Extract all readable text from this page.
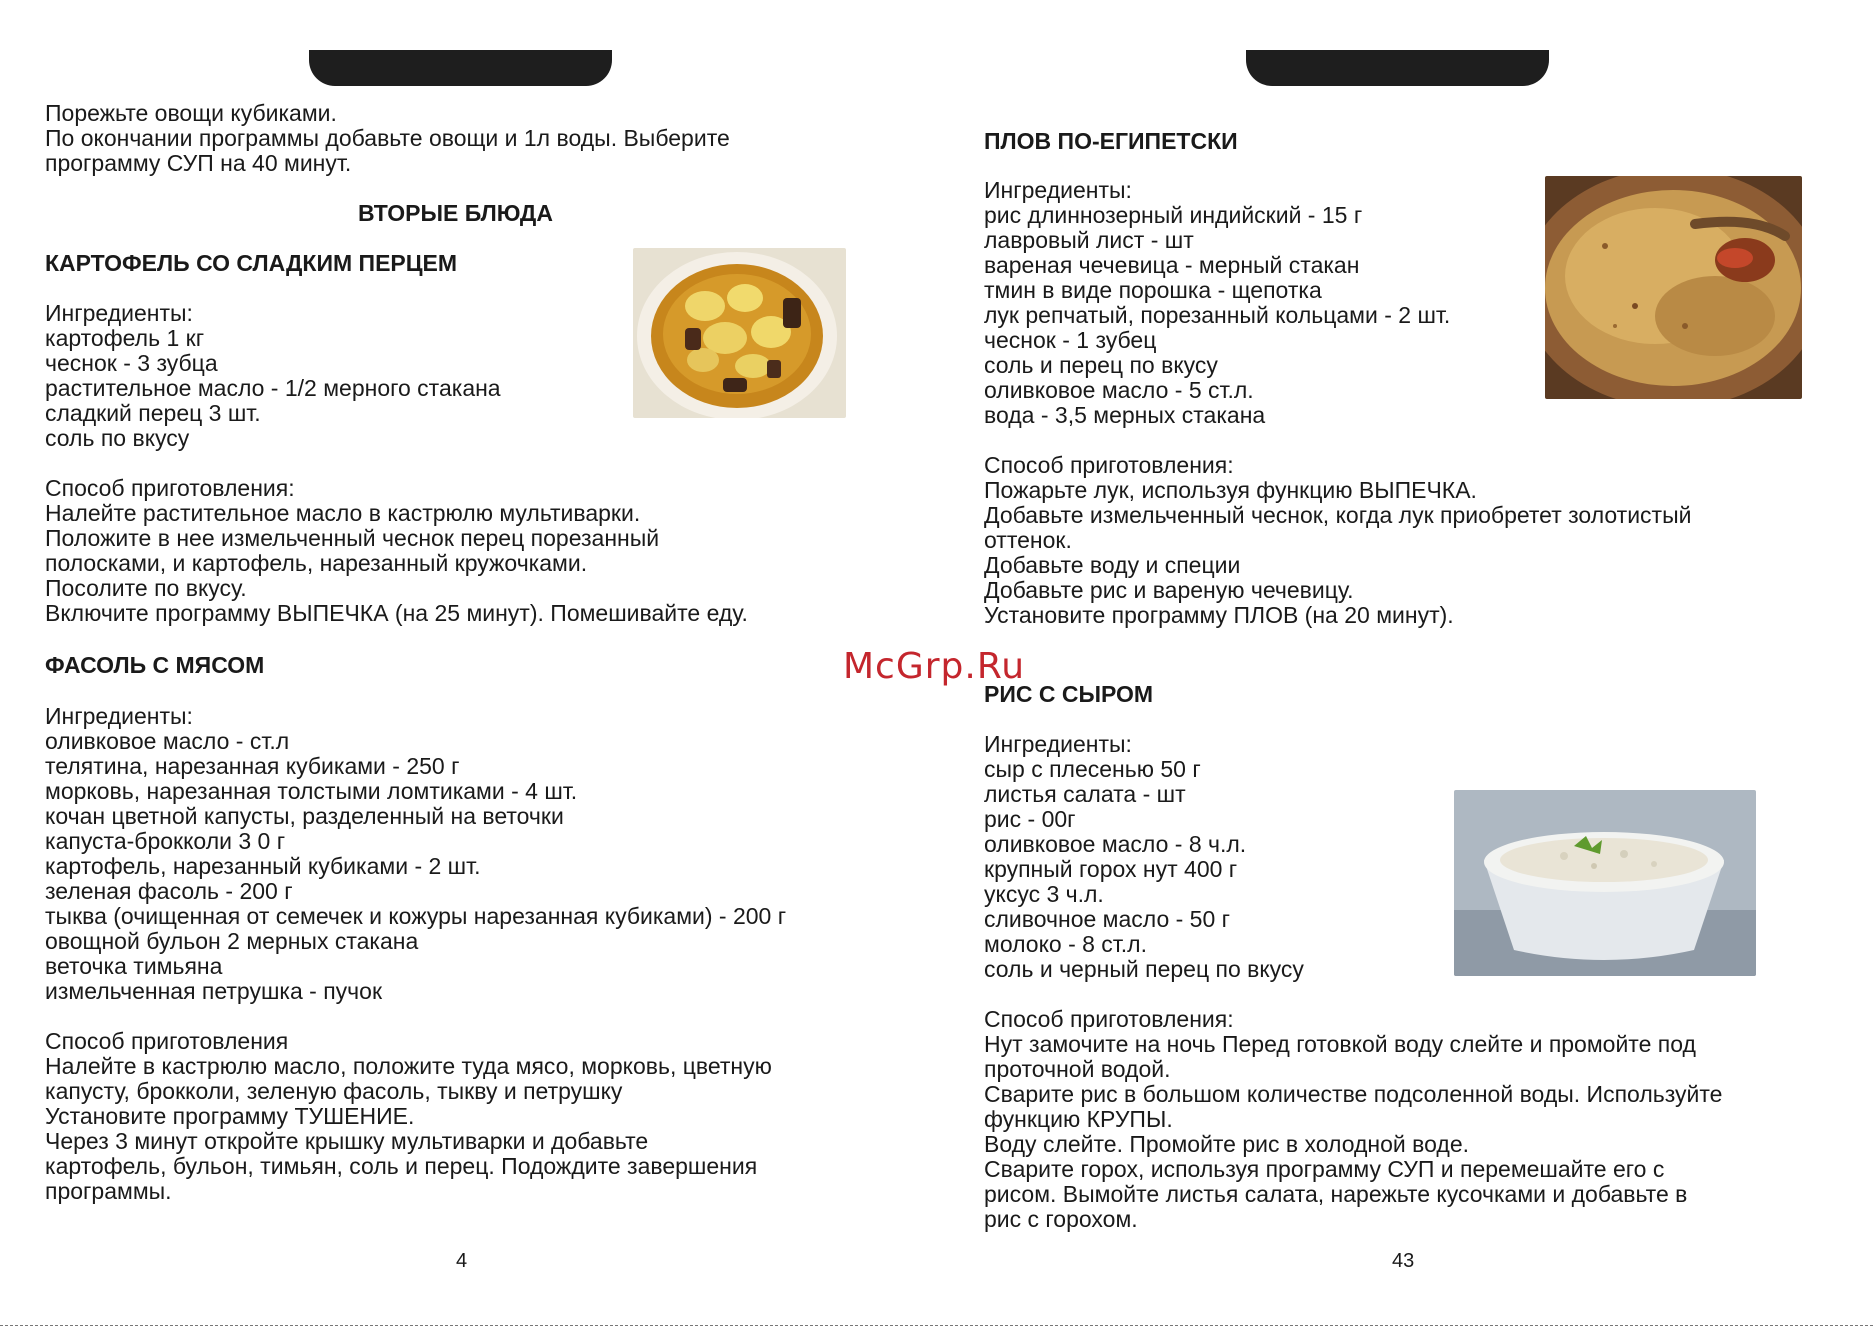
Порежьте овощи кубиками.
По окончании программы добавьте овощи и 1л воды. Выберите
программу СУП на 40 минут.
ВТОРЫЕ БЛЮДА
КАРТОФЕЛЬ СО СЛАДКИМ ПЕРЦЕМ
Ингредиенты:
картофель 1 кг
чеснок - 3 зубца
растительное масло - 1/2 мерного стакана
сладкий перец 3 шт.
соль по вкусу
Способ приготовления:
Налейте растительное масло в кастрюлю мультиварки.
Положите в нее измельченный чеснок перец порезанный
полосками, и картофель, нарезанный кружочками.
Посолите по вкусу.
Включите программу ВЫПЕЧКА (на 25 минут). Помешивайте еду.
ФАСОЛЬ С МЯСОМ
Ингредиенты:
оливковое масло - ст.л
телятина, нарезанная кубиками - 250 г
морковь, нарезанная толстыми ломтиками - 4 шт.
кочан цветной капусты, разделенный на веточки
капуста-брокколи 3 0 г
картофель, нарезанный кубиками - 2 шт.
зеленая фасоль - 200 г
тыква (очищенная от семечек и кожуры нарезанная кубиками) - 200 г
овощной бульон 2 мерных стакана
веточка тимьяна
измельченная петрушка - пучок
Способ приготовления
Налейте в кастрюлю масло, положите туда мясо, морковь, цветную
капусту, брокколи, зеленую фасоль, тыкву и петрушку
Установите программу ТУШЕНИЕ.
Через 3 минут откройте крышку мультиварки и добавьте
картофель, бульон, тимьян, соль и перец. Подождите завершения
программы.
4
ПЛОВ ПО-ЕГИПЕТСКИ
Ингредиенты:
рис длиннозерный индийский - 15 г
лавровый лист - шт
вареная чечевица - мерный стакан
тмин в виде порошка - щепотка
лук репчатый, порезанный кольцами - 2 шт.
чеснок - 1 зубец
соль и перец по вкусу
оливковое масло - 5 ст.л.
вода - 3,5 мерных стакана
Способ приготовления:
Пожарьте лук, используя функцию ВЫПЕЧКА.
Добавьте измельченный чеснок, когда лук приобретет золотистый
оттенок.
Добавьте воду и специи
Добавьте рис и вареную чечевицу.
Установите программу ПЛОВ (на 20 минут).
РИС С СЫРОМ
Ингредиенты:
сыр с плесенью 50 г
листья салата - шт
рис - 00г
оливковое масло - 8 ч.л.
крупный горох нут 400 г
уксус 3 ч.л.
сливочное масло - 50 г
молоко - 8 ст.л.
соль и черный перец по вкусу
Способ приготовления:
Нут замочите на ночь Перед готовкой воду слейте и промойте под
проточной водой.
Сварите рис в большом количестве подсоленной воды. Используйте
функцию КРУПЫ.
Воду слейте. Промойте рис в холодной воде.
Сварите горох, используя программу СУП и перемешайте его с
рисом. Вымойте листья салата, нарежьте кусочками и добавьте в
рис с горохом.
43
McGrp.Ru
